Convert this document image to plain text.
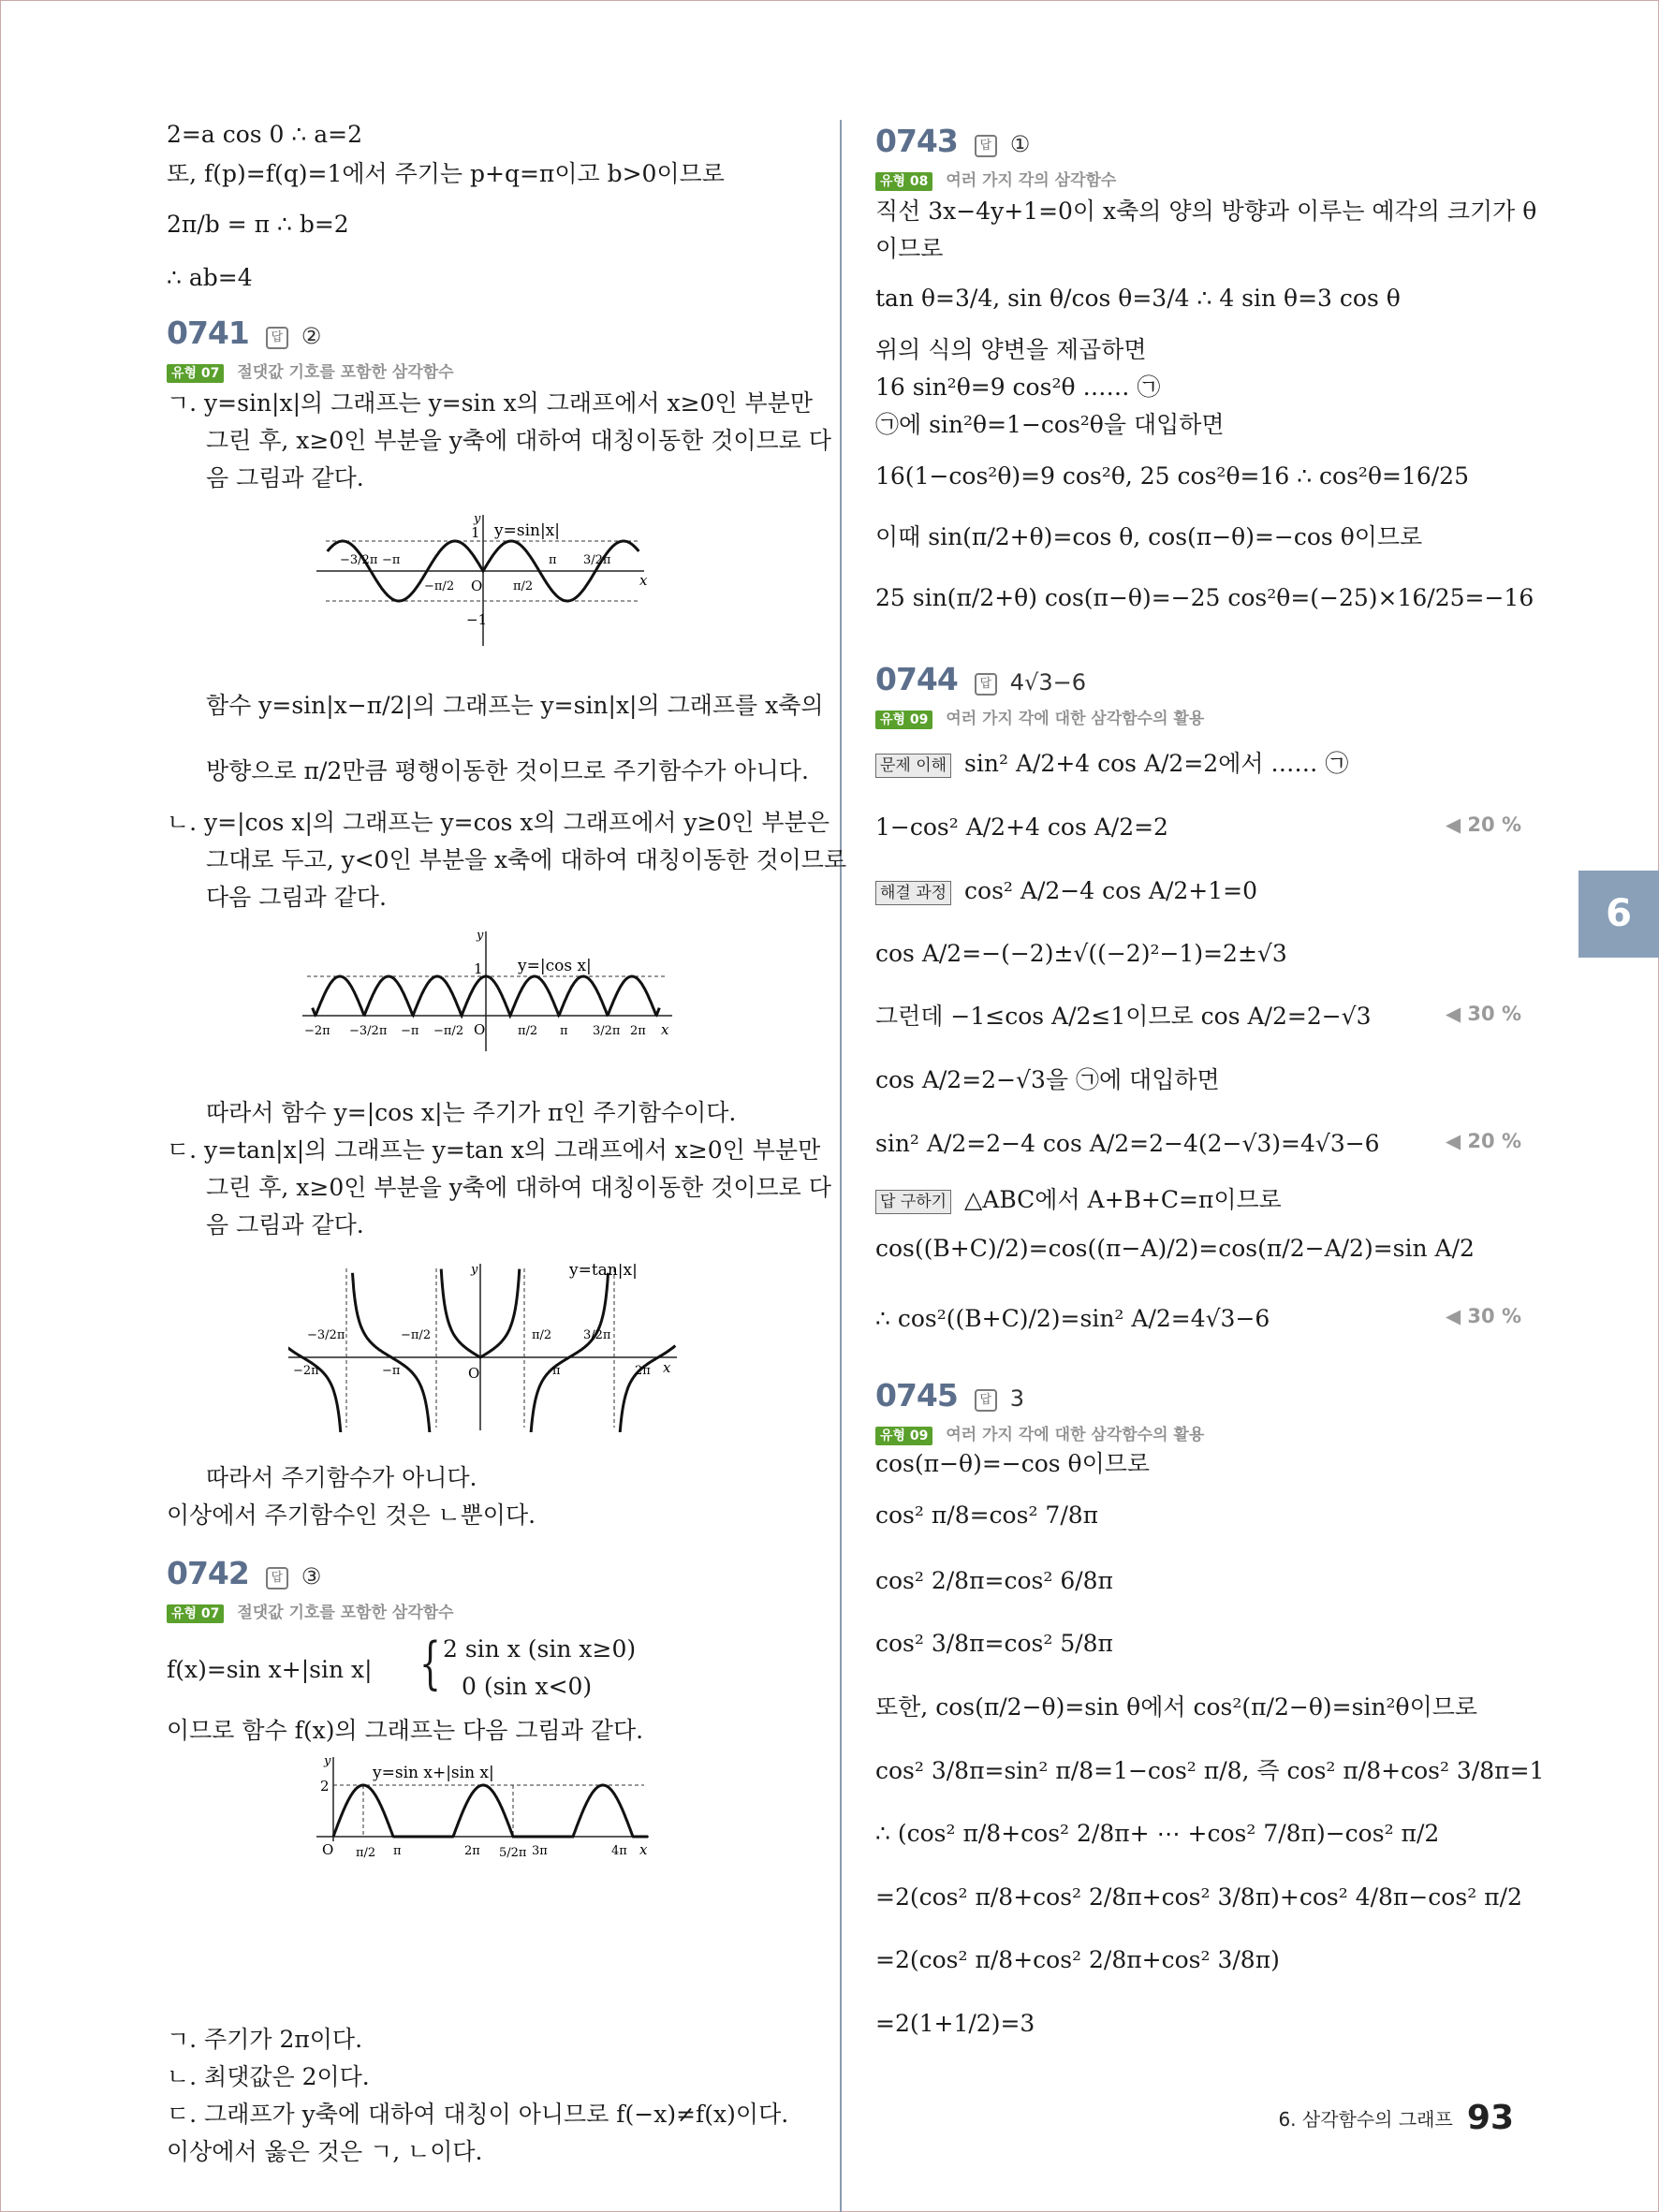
6
2=a cos 0 ∴ a=2
또, f(p)=f(q)=1에서 주기는 p+q=π이고 b>0이므로
2π/b = π ∴ b=2
∴ ab=4
0741 답 ②
유형 07 절댓값 기호를 포함한 삼각함수
ㄱ. y=sin|x|의 그래프는 y=sin x의 그래프에서 x≥0인 부분만
그린 후, x≥0인 부분을 y축에 대하여 대칭이동한 것이므로 다
음 그림과 같다.
y=sin|x|
1
−1
O	x
y
−3/2π −π	π 3/2π
−π/2	π/2
함수 y=sin|x−π/2|의 그래프는 y=sin|x|의 그래프를 x축의
방향으로 π/2만큼 평행이동한 것이므로 주기함수가 아니다.
ㄴ. y=|cos x|의 그래프는 y=cos x의 그래프에서 y≥0인 부분은
그대로 두고, y<0인 부분을 x축에 대하여 대칭이동한 것이므로
다음 그림과 같다.
y=|cos x|
1
O	x
y
−2π −3/2π −π −π/2	π/2 π 3/2π 2π
따라서 함수 y=|cos x|는 주기가 π인 주기함수이다.
ㄷ. y=tan|x|의 그래프는 y=tan x의 그래프에서 x≥0인 부분만
그린 후, x≥0인 부분을 y축에 대하여 대칭이동한 것이므로 다
음 그림과 같다.
y=tan|x|
O	x
y
−2π	−π	π	2π
−3/2π	−π/2	π/2	3/2π
따라서 주기함수가 아니다.
이상에서 주기함수인 것은 ㄴ뿐이다.
0742 답 ③
유형 07 절댓값 기호를 포함한 삼각함수
f(x)=sin x+|sin x| { 2 sin x (sin x≥0)
0 (sin x<0)
이므로 함수 f(x)의 그래프는 다음 그림과 같다.
y=sin x+|sin x|
y
2
O π/2 π	2π 5/2π 3π	4π x
ㄱ. 주기가 2π이다.
ㄴ. 최댓값은 2이다.
ㄷ. 그래프가 y축에 대하여 대칭이 아니므로 f(−x)≠f(x)이다.
이상에서 옳은 것은 ㄱ, ㄴ이다.
0743 답 ①
유형 08 여러 가지 각의 삼각함수
직선 3x−4y+1=0이 x축의 양의 방향과 이루는 예각의 크기가 θ
이므로
tan θ=3/4, sin θ/cos θ=3/4 ∴ 4 sin θ=3 cos θ
위의 식의 양변을 제곱하면
16 sin²θ=9 cos²θ …… ㉠
㉠에 sin²θ=1−cos²θ을 대입하면
16(1−cos²θ)=9 cos²θ, 25 cos²θ=16 ∴ cos²θ=16/25
이때 sin(π/2+θ)=cos θ, cos(π−θ)=−cos θ이므로
25 sin(π/2+θ) cos(π−θ)=−25 cos²θ=(−25)×16/25=−16
0744 답 4√3−6
유형 09 여러 가지 각에 대한 삼각함수의 활용
문제 이해 sin² A/2+4 cos A/2=2에서 …… ㉠
1−cos² A/2+4 cos A/2=2	◀ 20 %
해결 과정 cos² A/2−4 cos A/2+1=0
cos A/2=−(−2)±√((−2)²−1)=2±√3
그런데 −1≤cos A/2≤1이므로 cos A/2=2−√3	◀ 30 %
cos A/2=2−√3을 ㉠에 대입하면
sin² A/2=2−4 cos A/2=2−4(2−√3)=4√3−6	◀ 20 %
답 구하기 △ABC에서 A+B+C=π이므로
cos((B+C)/2)=cos((π−A)/2)=cos(π/2−A/2)=sin A/2
∴ cos²((B+C)/2)=sin² A/2=4√3−6	◀ 30 %
0745 답 3
유형 09 여러 가지 각에 대한 삼각함수의 활용
cos(π−θ)=−cos θ이므로
cos² π/8=cos² 7/8π
cos² 2/8π=cos² 6/8π
cos² 3/8π=cos² 5/8π
또한, cos(π/2−θ)=sin θ에서 cos²(π/2−θ)=sin²θ이므로
cos² 3/8π=sin² π/8=1−cos² π/8, 즉 cos² π/8+cos² 3/8π=1
∴ (cos² π/8+cos² 2/8π+ ⋯ +cos² 7/8π)−cos² π/2
=2(cos² π/8+cos² 2/8π+cos² 3/8π)+cos² 4/8π−cos² π/2
=2(cos² π/8+cos² 2/8π+cos² 3/8π)
=2(1+1/2)=3
6. 삼각함수의 그래프 93
